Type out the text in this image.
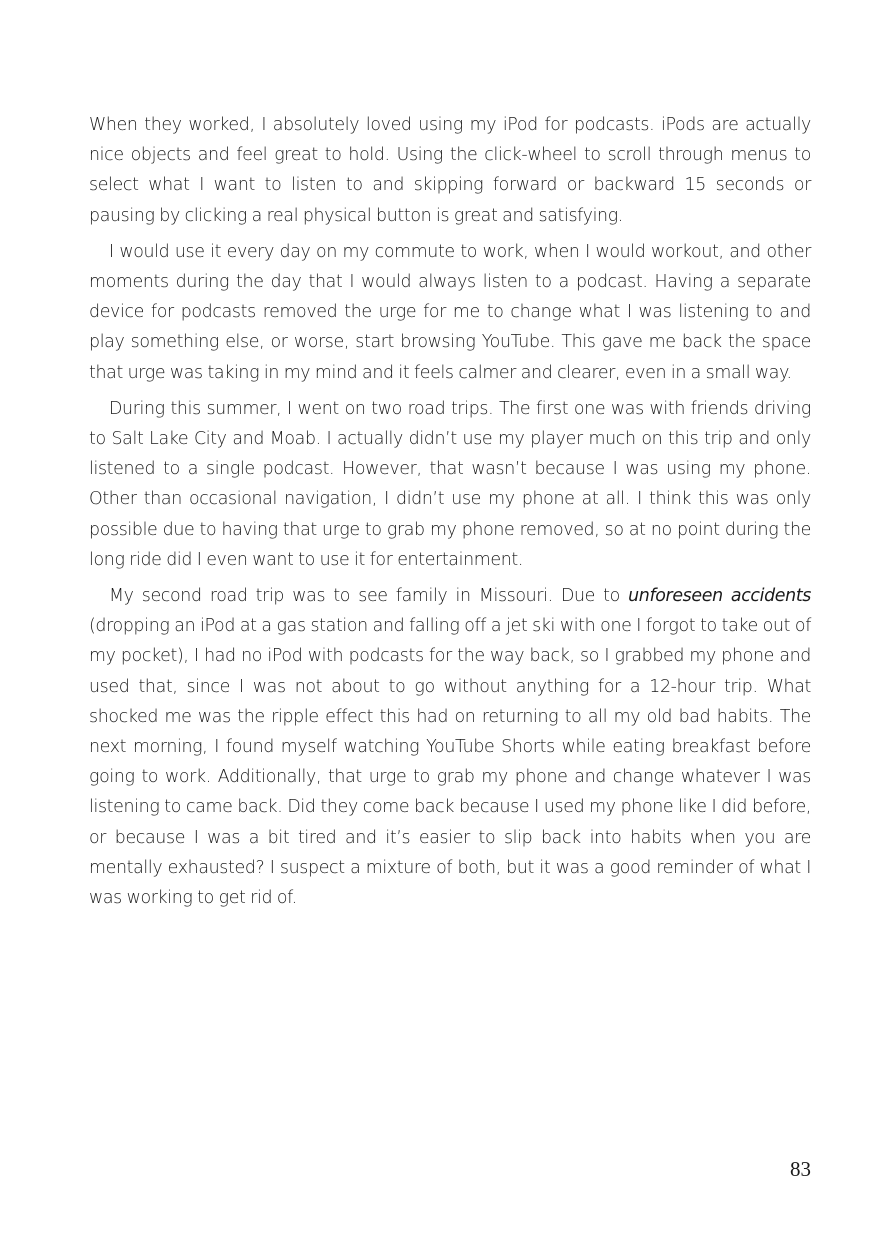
When they worked, I absolutely loved using my iPod for podcasts. iPods are actually nice objects and feel great to hold. Using the click-wheel to scroll through menus to select what I want to listen to and skipping forward or backward 15 seconds or pausing by clicking a real physical button is great and satisfying.

I would use it every day on my commute to work, when I would workout, and other moments during the day that I would always listen to a podcast. Having a separate device for podcasts removed the urge for me to change what I was listening to and play something else, or worse, start browsing YouTube. This gave me back the space that urge was taking in my mind and it feels calmer and clearer, even in a small way.

During this summer, I went on two road trips. The first one was with friends driving to Salt Lake City and Moab. I actually didn’t use my player much on this trip and only listened to a single podcast. However, that wasn’t because I was using my phone. Other than occasional navigation, I didn’t use my phone at all. I think this was only possible due to having that urge to grab my phone removed, so at no point during the long ride did I even want to use it for entertainment.

My second road trip was to see family in Missouri. Due to unforeseen accidents (dropping an iPod at a gas station and falling off a jet ski with one I forgot to take out of my pocket), I had no iPod with podcasts for the way back, so I grabbed my phone and used that, since I was not about to go without anything for a 12-hour trip. What shocked me was the ripple effect this had on returning to all my old bad habits. The next morning, I found myself watching YouTube Shorts while eating breakfast before going to work. Additionally, that urge to grab my phone and change whatever I was listening to came back. Did they come back because I used my phone like I did before, or because I was a bit tired and it’s easier to slip back into habits when you are mentally exhausted? I suspect a mixture of both, but it was a good reminder of what I was working to get rid of.

83
